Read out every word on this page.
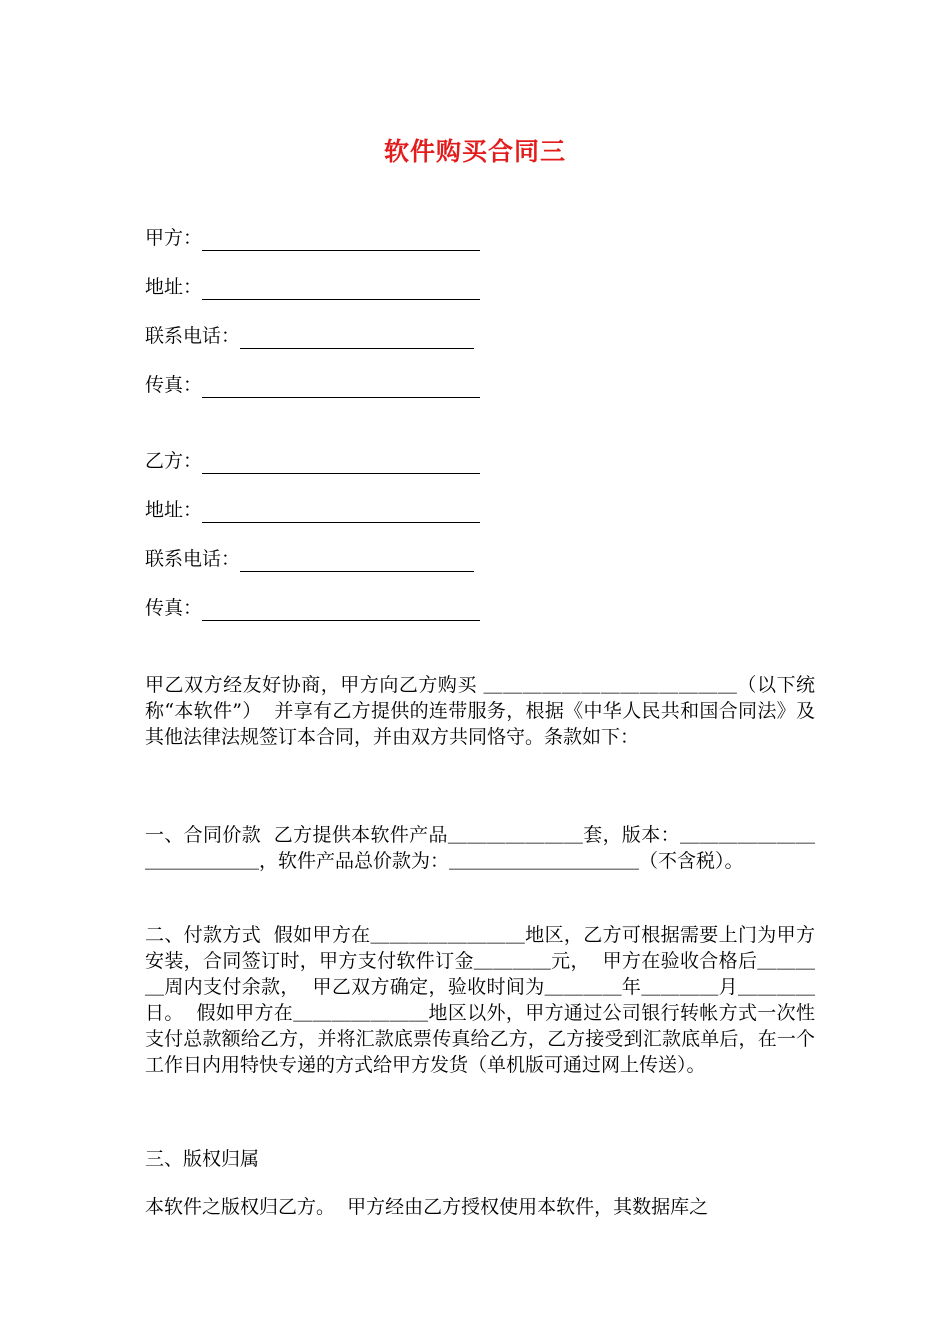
软件购买合同三
甲方：
地址：
联系电话：
传真：
乙方：
地址：
联系电话：
传真：
甲乙双方经友好协商，甲方向乙方购买 ＿＿＿＿＿＿＿＿＿＿＿＿＿（以下统称“本软件”）  并享有乙方提供的连带服务，根据《中华人民共和国合同法》及其他法律法规签订本合同，并由双方共同恪守。条款如下：
一、合同价款  乙方提供本软件产品＿＿＿＿＿＿＿套，版本：＿＿＿＿＿＿＿＿＿＿＿＿＿，软件产品总价款为：＿＿＿＿＿＿＿＿＿＿（不含税）。
二、付款方式  假如甲方在＿＿＿＿＿＿＿＿地区，乙方可根据需要上门为甲方安装，合同签订时，甲方支付软件订金＿＿＿＿元，  甲方在验收合格后＿＿＿＿周内支付余款，  甲乙双方确定，验收时间为＿＿＿＿年＿＿＿＿月＿＿＿＿日。  假如甲方在＿＿＿＿＿＿＿地区以外，甲方通过公司银行转帐方式一次性支付总款额给乙方，并将汇款底票传真给乙方，乙方接受到汇款底单后，在一个工作日内用特快专递的方式给甲方发货（单机版可通过网上传送）。
三、版权归属
本软件之版权归乙方。  甲方经由乙方授权使用本软件，其数据库之
